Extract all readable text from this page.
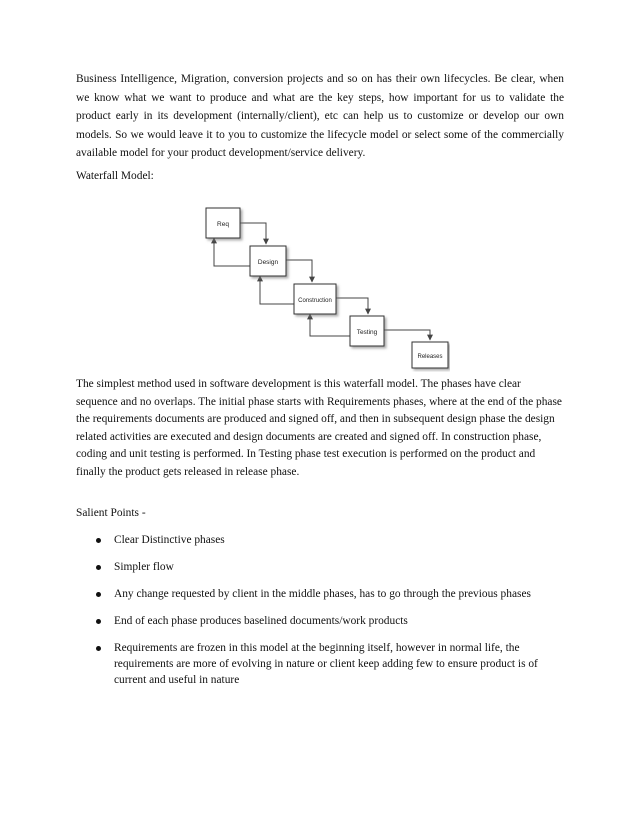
Business Intelligence, Migration, conversion projects and so on has their own lifecycles. Be clear, when we know what we want to produce and what are the key steps, how important for us to validate the product early in its development (internally/client), etc can help us to customize or develop our own models. So we would leave it to you to customize the lifecycle model or select some of the commercially available model for your product development/service delivery.

Waterfall Model:

Req
Design
Construction
Testing
Releases

The simplest method used in software development is this waterfall model. The phases have clear sequence and no overlaps. The initial phase starts with Requirements phases, where at the end of the phase the requirements documents are produced and signed off, and then in subsequent design phase the design related activities are executed and design documents are created and signed off. In construction phase, coding and unit testing is performed. In Testing phase test execution is performed on the product and finally the product gets released in release phase.

Salient Points -

Clear Distinctive phases
Simpler flow
Any change requested by client in the middle phases, has to go through the previous phases
End of each phase produces baselined documents/work products
Requirements are frozen in this model at the beginning itself, however in normal life, the requirements are more of evolving in nature or client keep adding few to ensure product is of current and useful in nature
